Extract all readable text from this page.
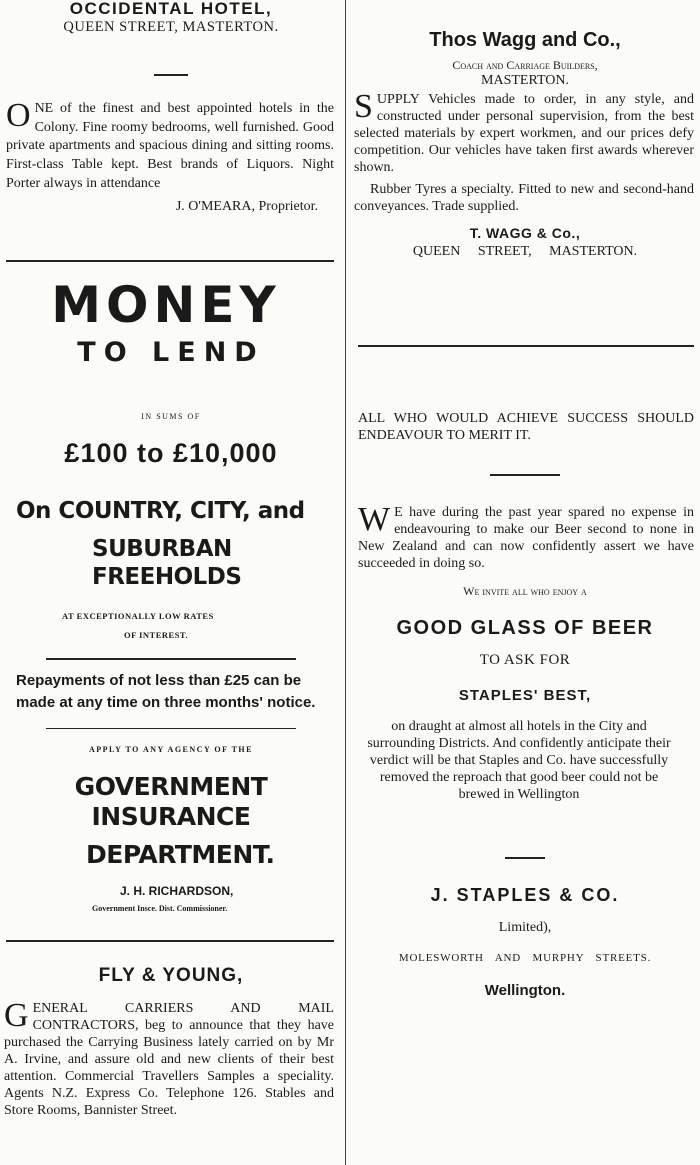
OCCIDENTAL HOTEL,
QUEEN STREET, MASTERTON.
ONE of the finest and best appointed hotels in the Colony. Fine roomy bedrooms, well furnished. Good private apartments and spacious dining and sitting rooms. First-class Table kept. Best brands of Liquors. Night Porter always in attendance
J. O'MEARA, Proprietor.
MONEY
TO LEND
IN SUMS OF
£100 to £10,000
On COUNTRY, CITY, and
SUBURBAN FREEHOLDS
AT EXCEPTIONALLY LOW RATES
OF INTEREST.
Repayments of not less than £25 can be made at any time on three months' notice.
APPLY TO ANY AGENCY OF THE
GOVERNMENT INSURANCE
DEPARTMENT.
J. H. RICHARDSON,
Government Insce. Dist. Commissioner.
FLY & YOUNG,
GENERAL CARRIERS AND MAIL CONTRACTORS, beg to announce that they have purchased the Carrying Business lately carried on by Mr A. Irvine, and assure old and new clients of their best attention. Commercial Travellers Samples a speciality. Agents N.Z. Express Co. Telephone 126. Stables and Store Rooms, Bannister Street.
Thos Wagg and Co.,
Coach and Carriage Builders,
MASTERTON.
SUPPLY Vehicles made to order, in any style, and constructed under personal supervision, from the best selected materials by expert workmen, and our prices defy competition. Our vehicles have taken first awards wherever shown.

Rubber Tyres a specialty. Fitted to new and second-hand conveyances. Trade supplied.

T. WAGG & Co.,
QUEEN STREET, MASTERTON.
ALL WHO WOULD ACHIEVE SUCCESS SHOULD ENDEAVOUR TO MERIT IT.
W E have during the past year spared no expense in endeavouring to make our Beer second to none in New Zealand and can now confidently assert we have succeeded in doing so.
We invite all who enjoy a
GOOD GLASS OF BEER
TO ASK FOR
STAPLES' BEST,
on draught at almost all hotels in the City and surrounding Districts. And confidently anticipate their verdict will be that Staples and Co. have successfully removed the reproach that good beer could not be brewed in Wellington
J. STAPLES & CO.
Limited),
MOLESWORTH AND MURPHY STREETS.
Wellington.
